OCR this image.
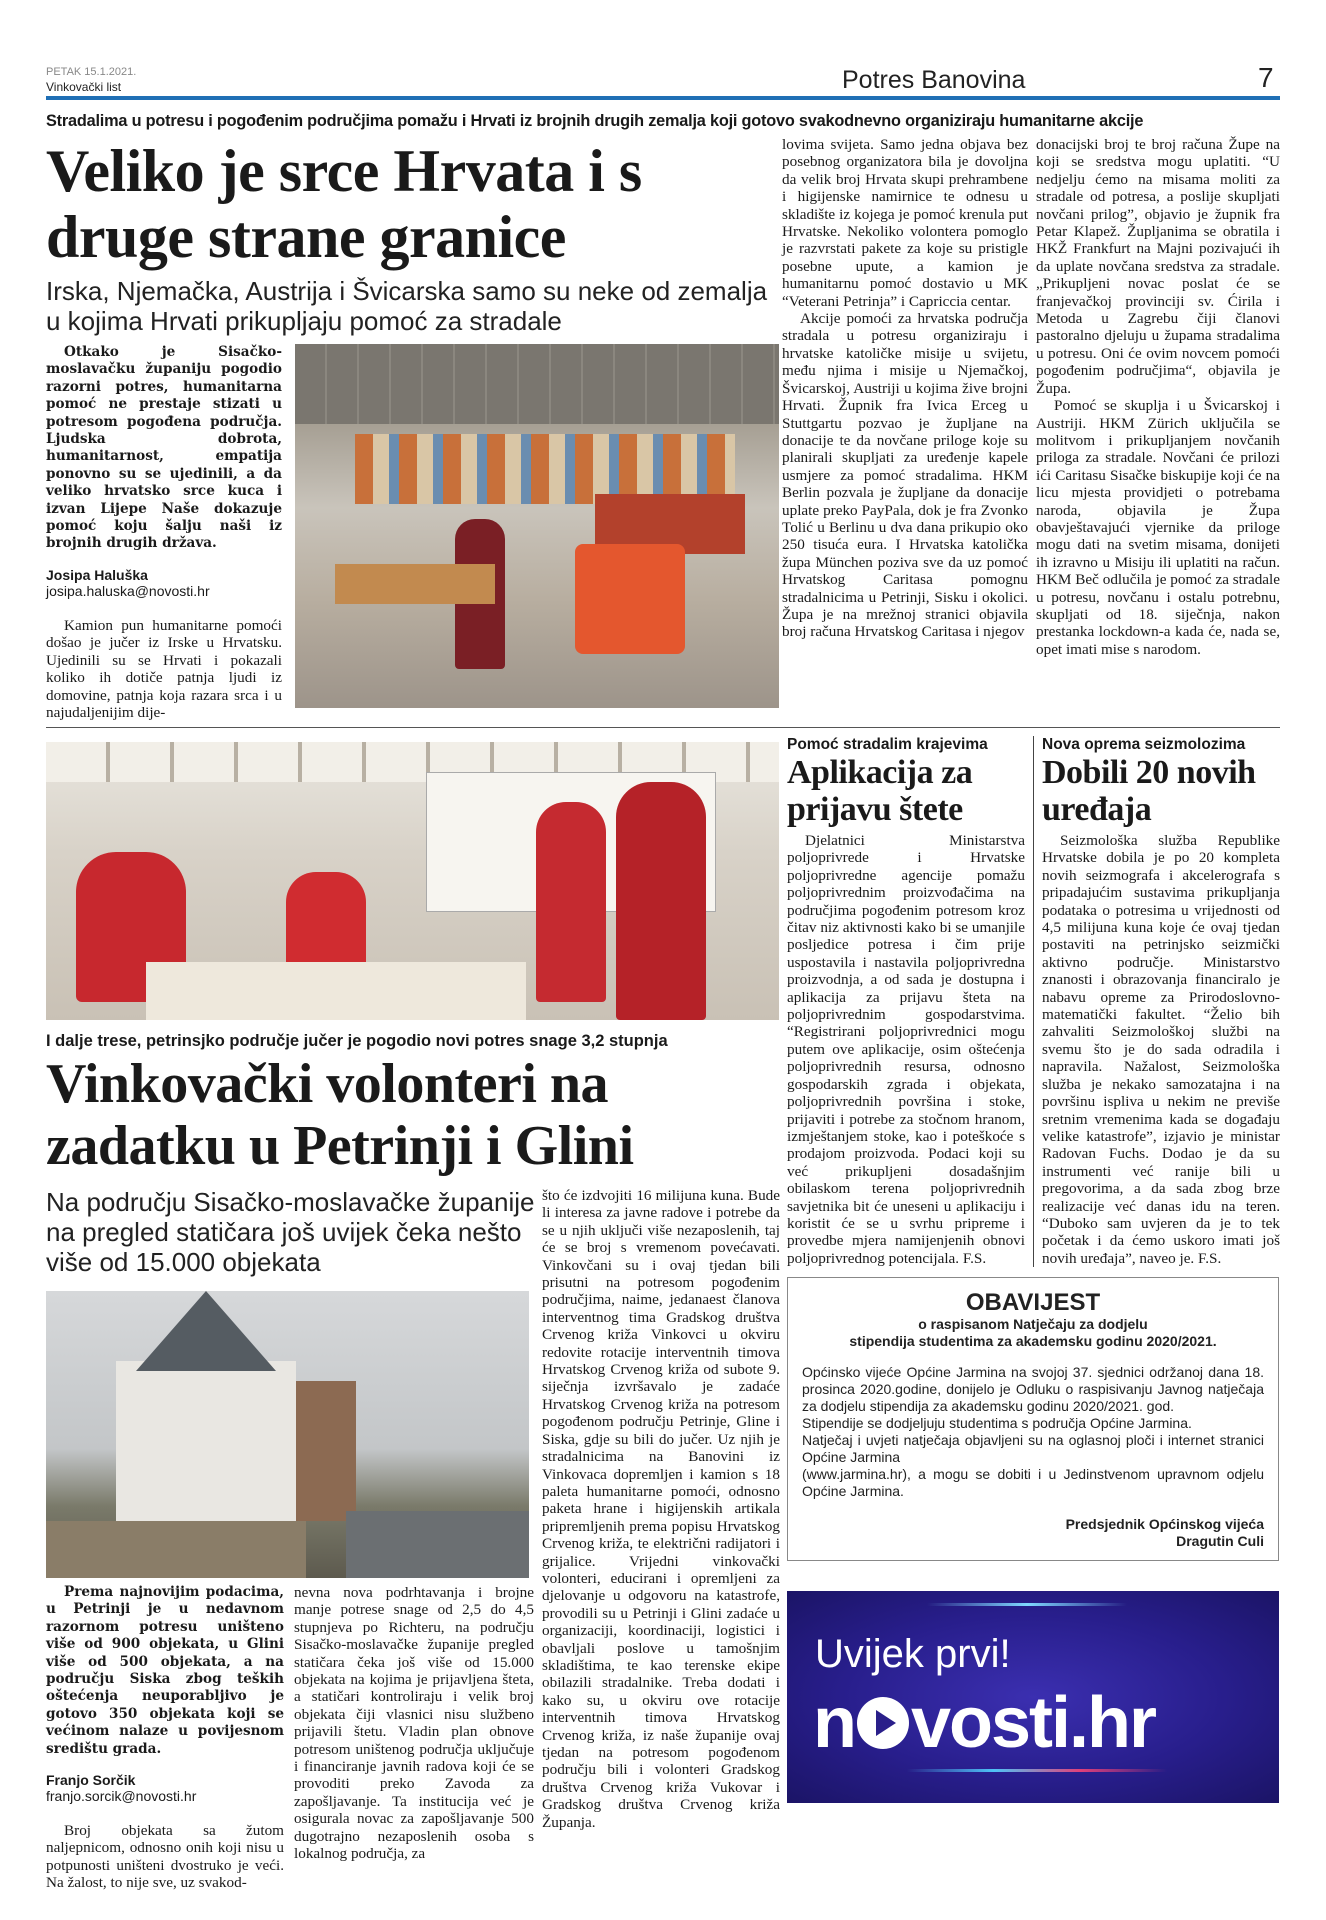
PETAK 15.1.2021.
Vinkovački list	Potres Banovina	7
Stradalima u potresu i pogođenim područjima pomažu i Hrvati iz brojnih drugih zemalja koji gotovo svakodnevno organiziraju humanitarne akcije
Veliko je srce Hrvata i s druge strane granice
Irska, Njemačka, Austrija i Švicarska samo su neke od zemalja u kojima Hrvati prikupljaju pomoć za stradale

Otkako je Sisačko-moslavačku županiju pogodio razorni potres, humanitarna pomoć ne prestaje stizati u potresom pogođena područja. Ljudska dobrota, humanitarnost, empatija ponovno su se ujedinili, a da veliko hrvatsko srce kuca i izvan Lijepe Naše dokazuje pomoć koju šalju naši iz brojnih drugih država.

Josipa Haluška
josipa.haluska@novosti.hr

Kamion pun humanitarne pomoći došao je jučer iz Irske u Hrvatsku. Ujedinili su se Hrvati i pokazali koliko ih dotiče patnja ljudi iz domovine, patnja koja razara srca i u najudaljenijim dije-

lovima svijeta. Samo jedna objava bez posebnog organizatora bila je dovoljna da velik broj Hrvata skupi prehrambene i higijenske namirnice te odnesu u skladište iz kojega je pomoć krenula put Hrvatske. Nekoliko volontera pomoglo je razvrstati pakete za koje su pristigle posebne upute, a kamion je humanitarnu pomoć dostavio u MK “Veterani Petrinja” i Capriccia centar.

Akcije pomoći za hrvatska područja stradala u potresu organiziraju i hrvatske katoličke misije u svijetu, među njima i misije u Njemačkoj, Švicarskoj, Austriji u kojima žive brojni Hrvati. Župnik fra Ivica Erceg u Stuttgartu pozvao je župljane na donacije te da novčane priloge koje su planirali skupljati za uređenje kapele usmjere za pomoć stradalima. HKM Berlin pozvala je župljane da donacije uplate preko PayPala, dok je fra Zvonko Tolić u Berlinu u dva dana prikupio oko 250 tisuća eura. I Hrvatska katolička župa München poziva sve da uz pomoć Hrvatskog Caritasa pomognu stradalnicima u Petrinji, Sisku i okolici. Župa je na mrežnoj stranici objavila broj računa Hrvatskog Caritasa i njegov

donacijski broj te broj računa Župe na koji se sredstva mogu uplatiti. “U nedjelju ćemo na misama moliti za stradale od potresa, a poslije skupljati novčani prilog”, objavio je župnik fra Petar Klapež. Župljanima se obratila i HKŽ Frankfurt na Majni pozivajući ih da uplate novčana sredstva za stradale. „Prikupljeni novac poslat će se franjevačkoj provinciji sv. Ćirila i Metoda u Zagrebu čiji članovi pastoralno djeluju u župama stradalima u potresu. Oni će ovim novcem pomoći pogođenim područjima“, objavila je Župa.

Pomoć se skuplja i u Švicarskoj i Austriji. HKM Zürich uključila se molitvom i prikupljanjem novčanih priloga za stradale. Novčani će prilozi ići Caritasu Sisačke biskupije koji će na licu mjesta providjeti o potrebama naroda, objavila je Župa obavještavajući vjernike da priloge mogu dati na svetim misama, donijeti ih izravno u Misiju ili uplatiti na račun. HKM Beč odlučila je pomoć za stradale u potresu, novčanu i ostalu potrebnu, skupljati od 18. siječnja, nakon prestanka lockdown-a kada će, nada se, opet imati mise s narodom.

I dalje trese, petrinsjko područje jučer je pogodio novi potres snage 3,2 stupnja
Vinkovački volonteri na zadatku u Petrinji i Glini
Na području Sisačko-moslavačke županije na pregled statičara još uvijek čeka nešto više od 15.000 objekata

Prema najnovijim podacima, u Petrinji je u nedavnom razornom potresu uništeno više od 900 objekata, u Glini više od 500 objekata, a na području Siska zbog teških oštećenja neuporabljivo je gotovo 350 objekata koji se većinom nalaze u povijesnom središtu grada.

Franjo Sorčik
franjo.sorcik@novosti.hr

Broj objekata sa žutom naljepnicom, odnosno onih koji nisu u potpunosti uništeni dvostruko je veći. Na žalost, to nije sve, uz svakod-

nevna nova podrhtavanja i brojne manje potrese snage od 2,5 do 4,5 stupnjeva po Richteru, na području Sisačko-moslavačke županije pregled statičara čeka još više od 15.000 objekata na kojima je prijavljena šteta, a statičari kontroliraju i velik broj objekata čiji vlasnici nisu službeno prijavili štetu. Vladin plan obnove potresom uništenog područja uključuje i financiranje javnih radova koji će se provoditi preko Zavoda za zapošljavanje. Ta institucija već je osigurala novac za zapošljavanje 500 dugotrajno nezaposlenih osoba s lokalnog područja, za

što će izdvojiti 16 milijuna kuna. Bude li interesa za javne radove i potrebe da se u njih uključi više nezaposlenih, taj će se broj s vremenom povećavati. Vinkovčani su i ovaj tjedan bili prisutni na potresom pogođenim područjima, naime, jedanaest članova interventnog tima Gradskog društva Crvenog križa Vinkovci u okviru redovite rotacije interventnih timova Hrvatskog Crvenog križa od subote 9. siječnja izvršavalo je zadaće Hrvatskog Crvenog križa na potresom pogođenom području Petrinje, Gline i Siska, gdje su bili do jučer. Uz njih je stradalnicima na Banovini iz Vinkovaca dopremljen i kamion s 18 paleta humanitarne pomoći, odnosno paketa hrane i higijenskih artikala pripremljenih prema popisu Hrvatskog Crvenog križa, te električni radijatori i grijalice. Vrijedni vinkovački volonteri, educirani i opremljeni za djelovanje u odgovoru na katastrofe, provodili su u Petrinji i Glini zadaće u organizaciji, koordinaciji, logistici i obavljali poslove u tamošnjim skladištima, te kao terenske ekipe obilazili stradalnike. Treba dodati i kako su, u okviru ove rotacije interventnih timova Hrvatskog Crvenog križa, iz naše županije ovaj tjedan na potresom pogođenom području bili i volonteri Gradskog društva Crvenog križa Vukovar i Gradskog društva Crvenog križa Županja.

Pomoć stradalim krajevima
Aplikacija za prijavu štete

Djelatnici Ministarstva poljoprivrede i Hrvatske poljoprivredne agencije pomažu poljoprivrednim proizvođačima na područjima pogođenim potresom kroz čitav niz aktivnosti kako bi se umanjile posljedice potresa i čim prije uspostavila i nastavila poljoprivredna proizvodnja, a od sada je dostupna i aplikacija za prijavu šteta na poljoprivrednim gospodarstvima. “Registrirani poljoprivrednici mogu putem ove aplikacije, osim oštećenja poljoprivrednih resursa, odnosno gospodarskih zgrada i objekata, poljoprivrednih površina i stoke, prijaviti i potrebe za stočnom hranom, izmještanjem stoke, kao i poteškoće s prodajom proizvoda. Podaci koji su već prikupljeni dosadašnjim obilaskom terena poljoprivrednih savjetnika bit će uneseni u aplikaciju i koristit će se u svrhu pripreme i provedbe mjera namijenjenih obnovi poljoprivrednog potencijala. F.S.

Nova oprema seizmolozima
Dobili 20 novih uređaja

Seizmološka služba Republike Hrvatske dobila je po 20 kompleta novih seizmografa i akcelerografa s pripadajućim sustavima prikupljanja podataka o potresima u vrijednosti od 4,5 milijuna kuna koje će ovaj tjedan postaviti na petrinjsko seizmički aktivno područje. Ministarstvo znanosti i obrazovanja financiralo je nabavu opreme za Prirodoslovno-matematički fakultet. “Želio bih zahvaliti Seizmološkoj službi na svemu što je do sada odradila i napravila. Nažalost, Seizmološka služba je nekako samozatajna i na površinu ispliva u nekim ne previše sretnim vremenima kada se događaju velike katastrofe”, izjavio je ministar Radovan Fuchs. Dodao je da su instrumenti već ranije bili u pregovorima, a da sada zbog brze realizacije već danas idu na teren. “Duboko sam uvjeren da je to tek početak i da ćemo uskoro imati još novih uređaja”, naveo je. F.S.

OBAVIJEST
o raspisanom Natječaju za dodjelu
stipendija studentima za akademsku godinu 2020/2021.
Općinsko vijeće Općine Jarmina na svojoj 37. sjednici održanoj dana 18. prosinca 2020.godine, donijelo je Odluku o raspisivanju Javnog natječaja za dodjelu stipendija za akademsku godinu 2020/2021. god.
Stipendije se dodjeljuju studentima s područja Općine Jarmina.
Natječaj i uvjeti natječaja objavljeni su na oglasnoj ploči i internet stranici Općine Jarmina
(www.jarmina.hr), a mogu se dobiti i u Jedinstvenom upravnom odjelu Općine Jarmina.
Predsjednik Općinskog vijeća
Dragutin Culi
Uvijek prvi!
n vosti.hr
